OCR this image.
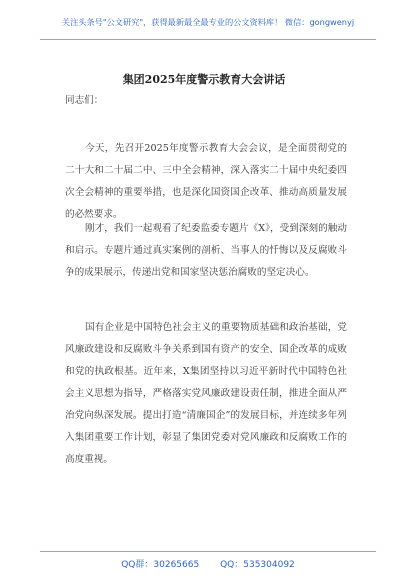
关注头条号"公文研究"，获得最新最全最专业的公文资料库！ 微信：gongwenyj
集团2025年度警示教育大会讲话
同志们：
今天，先召开2025年度警示教育大会会议，是全面贯彻党的二十大和二十届二中、三中全会精神，深入落实二十届中央纪委四次全会精神的重要举措，也是深化国资国企改革、推动高质量发展的必然要求。
刚才，我们一起观看了纪委监委专题片《X》，受到深刻的触动和启示。专题片通过真实案例的剖析、当事人的忏悔以及反腐败斗争的成果展示，传递出党和国家坚决惩治腐败的坚定决心。
国有企业是中国特色社会主义的重要物质基础和政治基础，党风廉政建设和反腐败斗争关系到国有资产的安全、国企改革的成败和党的执政根基。近年来，X集团坚持以习近平新时代中国特色社会主义思想为指导，严格落实党风廉政建设责任制，推进全面从严治党向纵深发展。提出打造“清廉国企”的发展目标，并连续多年列入集团重要工作计划，彰显了集团党委对党风廉政和反腐败工作的高度重视。
QQ群：30265665 QQ：535304092
